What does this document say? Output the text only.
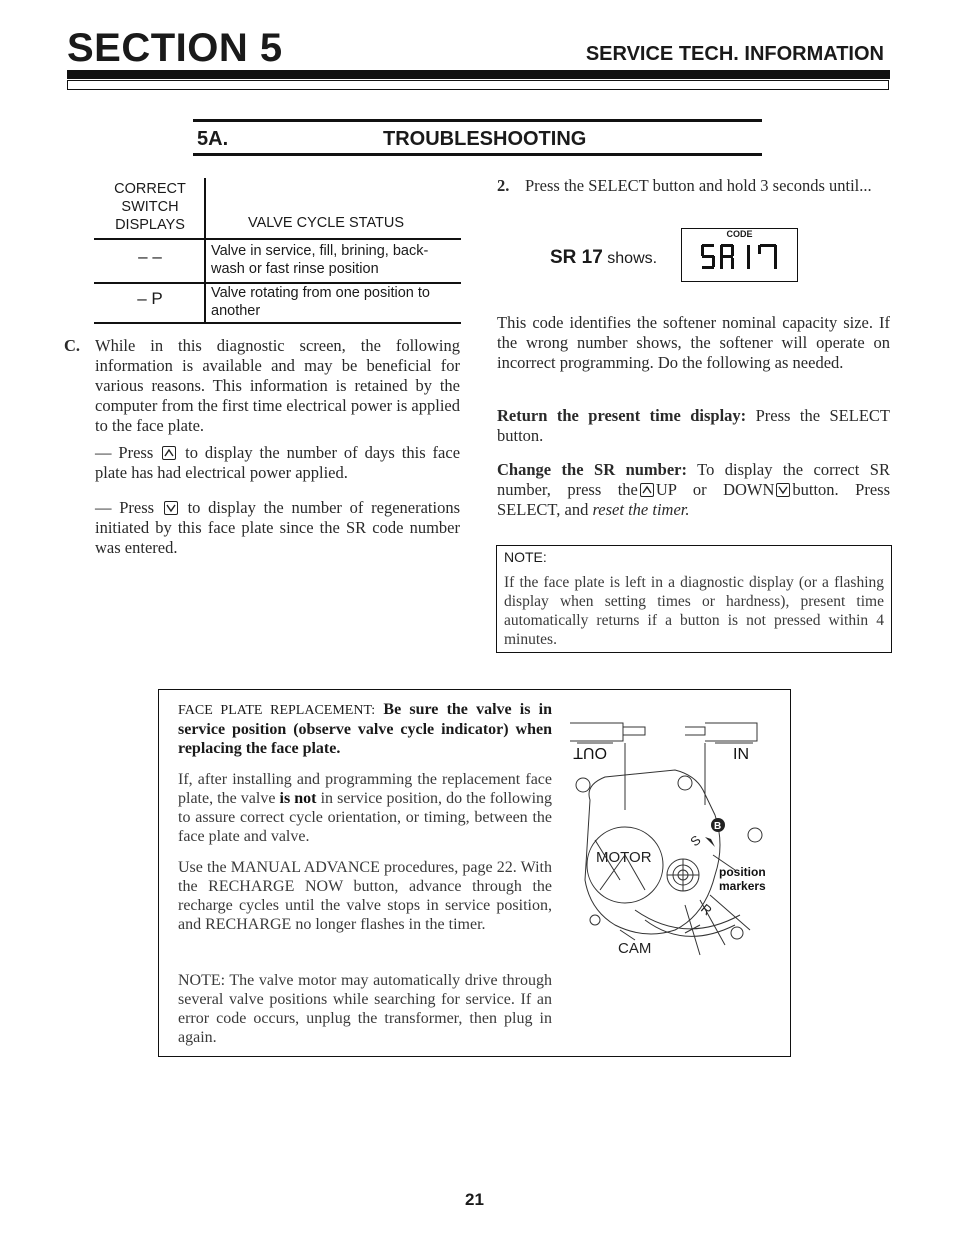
SECTION 5	SERVICE TECH. INFORMATION
5A.	TROUBLESHOOTING
CORRECT SWITCH DISPLAYS	VALVE CYCLE STATUS
– –	Valve in service, fill, brining, back-wash or fast rinse position
– P	Valve rotating from one position to another
C. While in this diagnostic screen, the following information is available and may be beneficial for various reasons. This information is retained by the computer from the first time electrical power is applied to the face plate.
— Press to display the number of days this face plate has had electrical power applied.
— Press to display the number of regenerations initiated by this face plate since the SR code number was entered.
2. Press the SELECT button and hold 3 seconds until...
SR 17 shows.
CODE
This code identifies the softener nominal capacity size. If the wrong number shows, the softener will operate on incorrect programming. Do the following as needed.
Return the present time display: Press the SELECT button.
Change the SR number: To display the correct SR number, press the UP or DOWN button. Press SELECT, and reset the timer.
NOTE:
If the face plate is left in a diagnostic display (or a flashing display when setting times or hardness), present time automatically returns if a button is not pressed within 4 minutes.
FACE PLATE REPLACEMENT: Be sure the valve is in service position (observe valve cycle indicator) when replacing the face plate.
If, after installing and programming the replacement face plate, the valve is not in service position, do the following to assure correct cycle orientation, or timing, between the face plate and valve.
Use the MANUAL ADVANCE procedures, page 22. With the RECHARGE NOW button, advance through the recharge cycles until the valve stops in service position, and RECHARGE no longer flashes in the timer.
NOTE: The valve motor may automatically drive through several valve positions while searching for service. If an error code occurs, unplug the transformer, then plug in again.
B
S
R
OUT	IN
MOTOR
position
markers
CAM
21
